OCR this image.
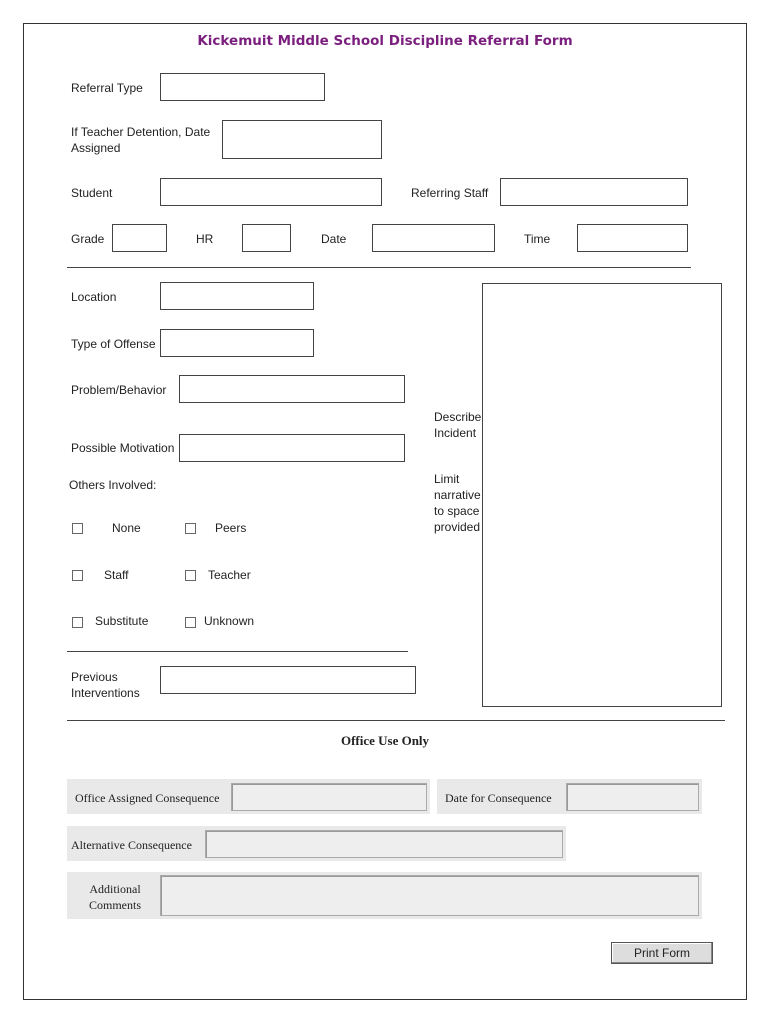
Kickemuit Middle School Discipline Referral Form
Referral Type
If Teacher Detention, Date
Assigned
Student	Referring Staff
Grade	HR	Date	Time
Location
Type of Offense
Problem/Behavior
Possible Motivation
Describe
Incident
Limit
narrative
to space
provided
Others Involved:
None	Peers
Staff	Teacher
Substitute	Unknown
Previous
Interventions
Office Use Only
Office Assigned Consequence	Date for Consequence
Alternative Consequence
Additional
Comments
Print Form
